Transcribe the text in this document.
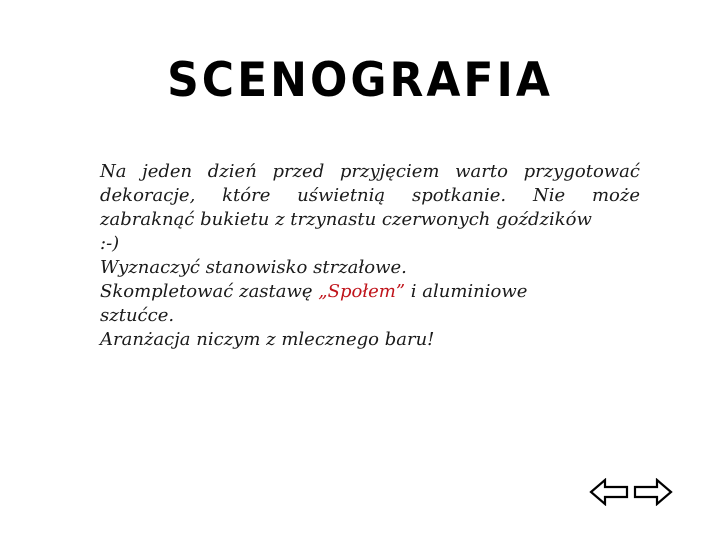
SCENOGRAFIA

Na jeden dzień przed przyjęciem warto przygotować

dekoracje, które uświetnią spotkanie. Nie może

zabraknąć bukietu z trzynastu czerwonych goździków

:-)

Wyznaczyć stanowisko strzałowe.

Skompletować zastawę „Społem” i aluminiowe

sztućce.

Aranżacja niczym z mlecznego baru!
